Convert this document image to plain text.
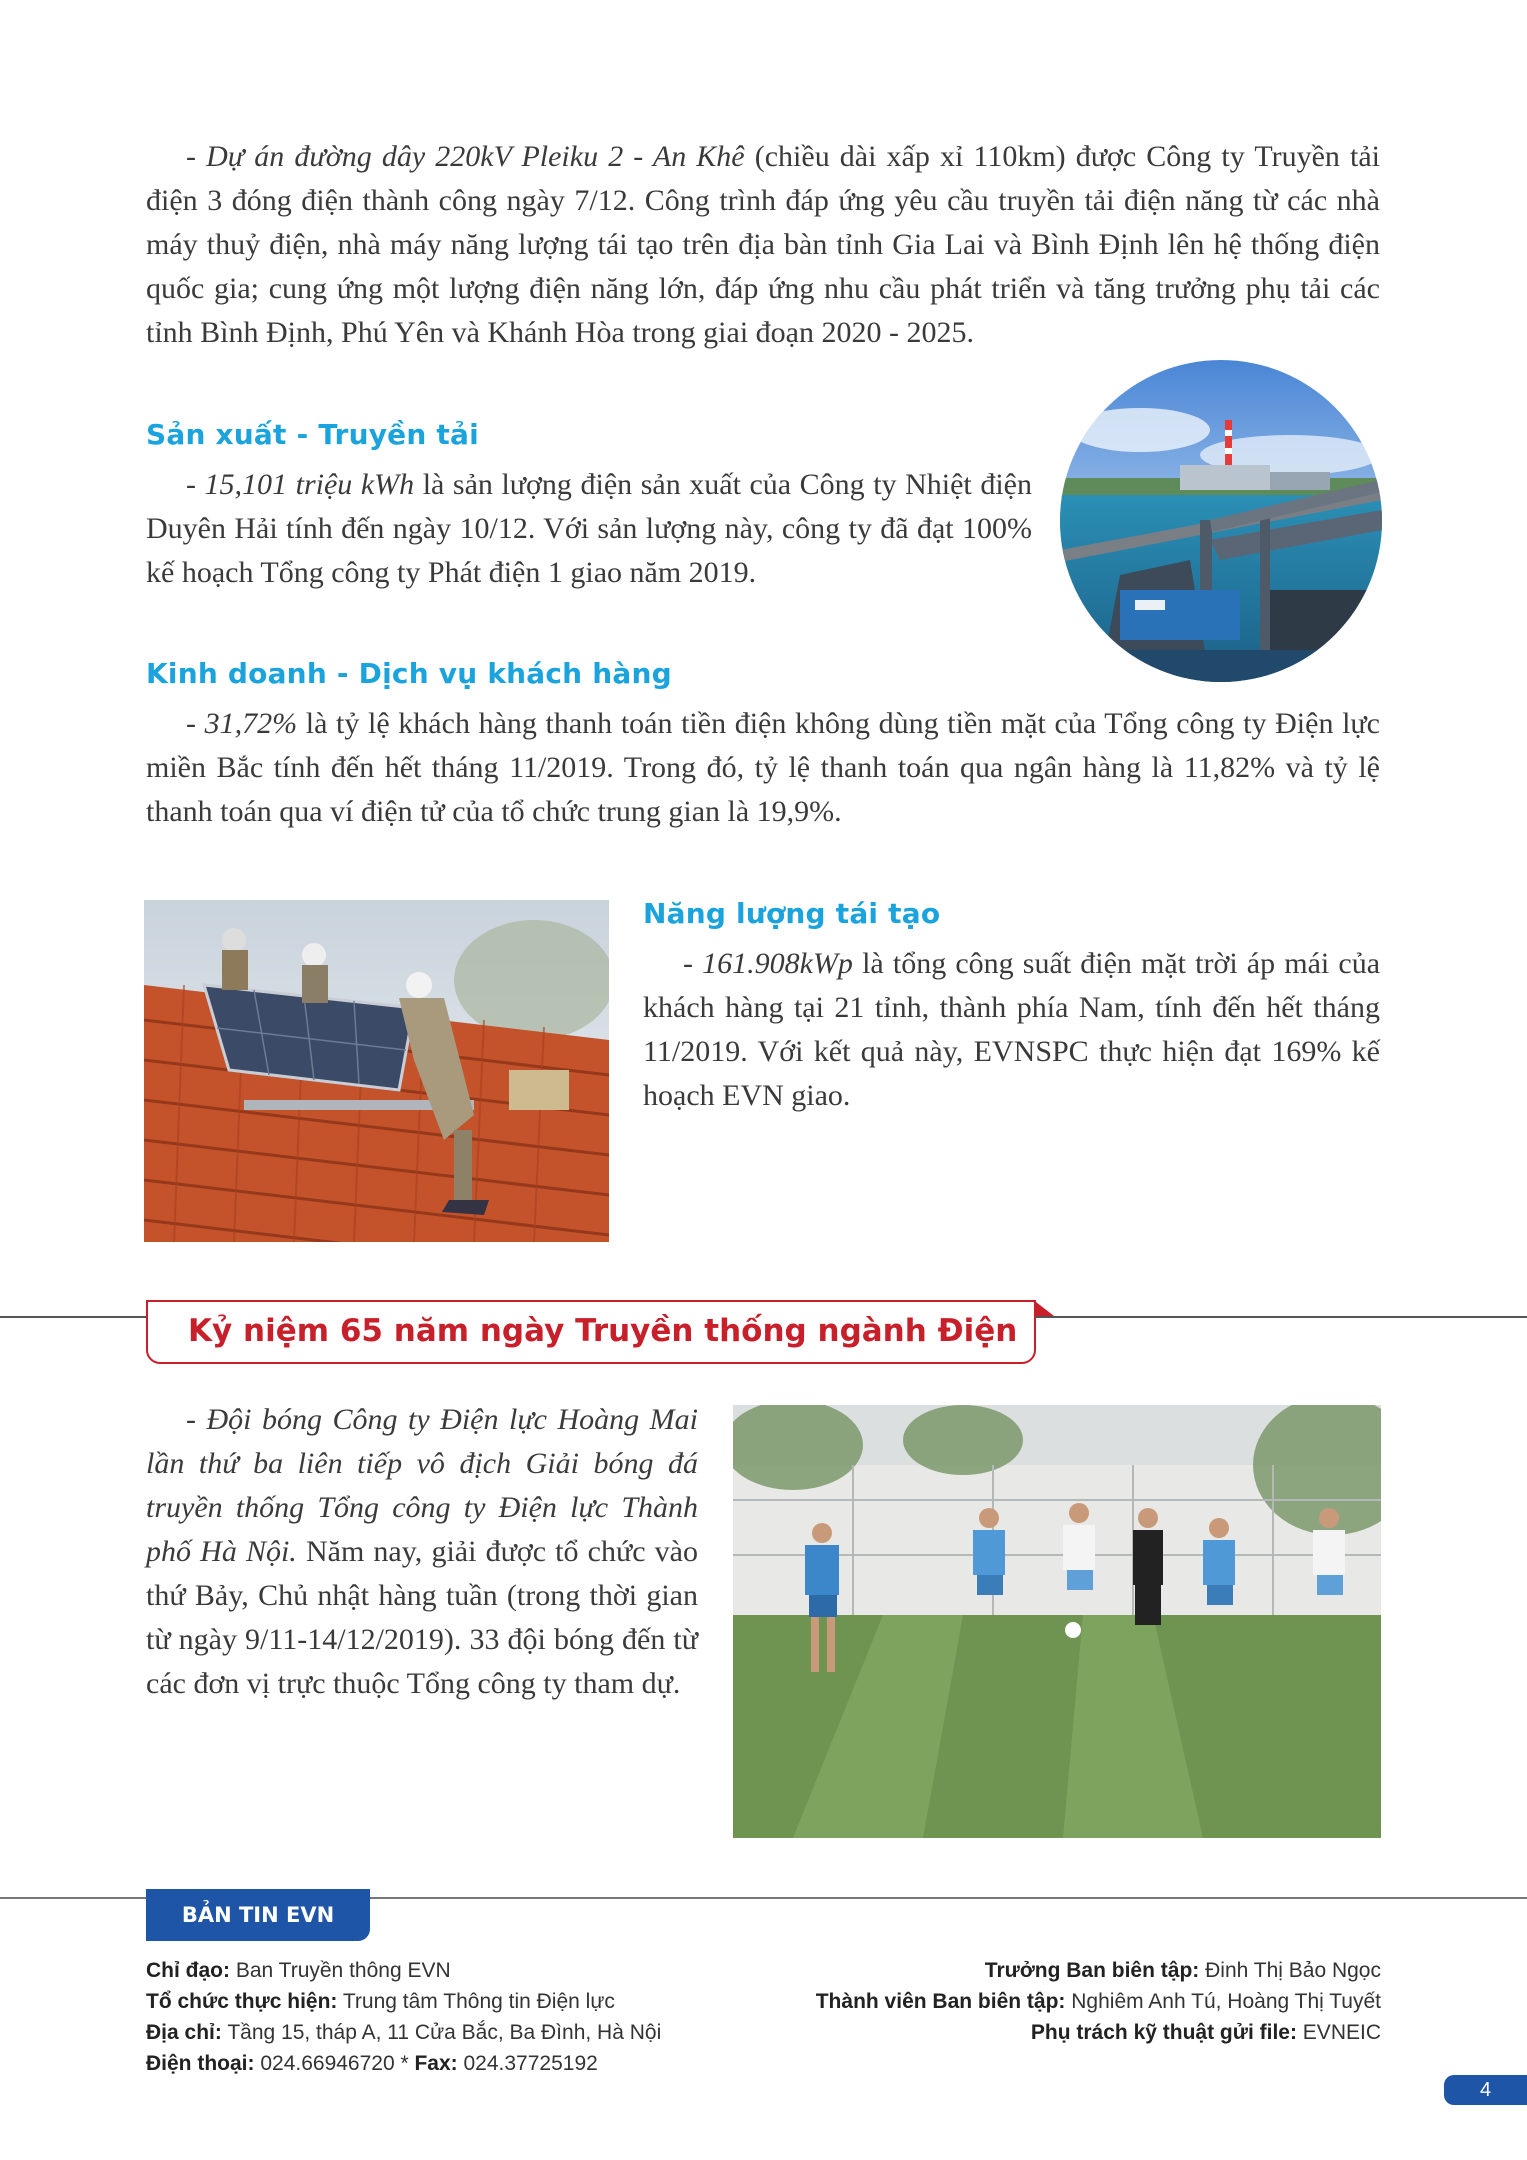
- Dự án đường dây 220kV Pleiku 2 - An Khê (chiều dài xấp xỉ 110km) được Công ty Truyền tải điện 3 đóng điện thành công ngày 7/12. Công trình đáp ứng yêu cầu truyền tải điện năng từ các nhà máy thuỷ điện, nhà máy năng lượng tái tạo trên địa bàn tỉnh Gia Lai và Bình Định lên hệ thống điện quốc gia; cung ứng một lượng điện năng lớn, đáp ứng nhu cầu phát triển và tăng trưởng phụ tải các tỉnh Bình Định, Phú Yên và Khánh Hòa trong giai đoạn 2020 - 2025.

Sản xuất - Truyền tải

- 15,101 triệu kWh là sản lượng điện sản xuất của Công ty Nhiệt điện Duyên Hải tính đến ngày 10/12. Với sản lượng này, công ty đã đạt 100% kế hoạch Tổng công ty Phát điện 1 giao năm 2019.

Kinh doanh - Dịch vụ khách hàng

- 31,72% là tỷ lệ khách hàng thanh toán tiền điện không dùng tiền mặt của Tổng công ty Điện lực miền Bắc tính đến hết tháng 11/2019. Trong đó, tỷ lệ thanh toán qua ngân hàng là 11,82% và tỷ lệ thanh toán qua ví điện tử của tổ chức trung gian là 19,9%.

Năng lượng tái tạo

- 161.908kWp là tổng công suất điện mặt trời áp mái của khách hàng tại 21 tỉnh, thành phía Nam, tính đến hết tháng 11/2019. Với kết quả này, EVNSPC thực hiện đạt 169% kế hoạch EVN giao.

Kỷ niệm 65 năm ngày Truyền thống ngành Điện

- Đội bóng Công ty Điện lực Hoàng Mai lần thứ ba liên tiếp vô địch Giải bóng đá truyền thống Tổng công ty Điện lực Thành phố Hà Nội. Năm nay, giải được tổ chức vào thứ Bảy, Chủ nhật hàng tuần (trong thời gian từ ngày 9/11-14/12/2019). 33 đội bóng đến từ các đơn vị trực thuộc Tổng công ty tham dự.

BẢN TIN EVN
Chỉ đạo: Ban Truyền thông EVN
Tổ chức thực hiện: Trung tâm Thông tin Điện lực
Địa chỉ: Tầng 15, tháp A, 11 Cửa Bắc, Ba Đình, Hà Nội
Điện thoại: 024.66946720 * Fax: 024.37725192
Trưởng Ban biên tập: Đinh Thị Bảo Ngọc
Thành viên Ban biên tập: Nghiêm Anh Tú, Hoàng Thị Tuyết
Phụ trách kỹ thuật gửi file: EVNEIC
4
